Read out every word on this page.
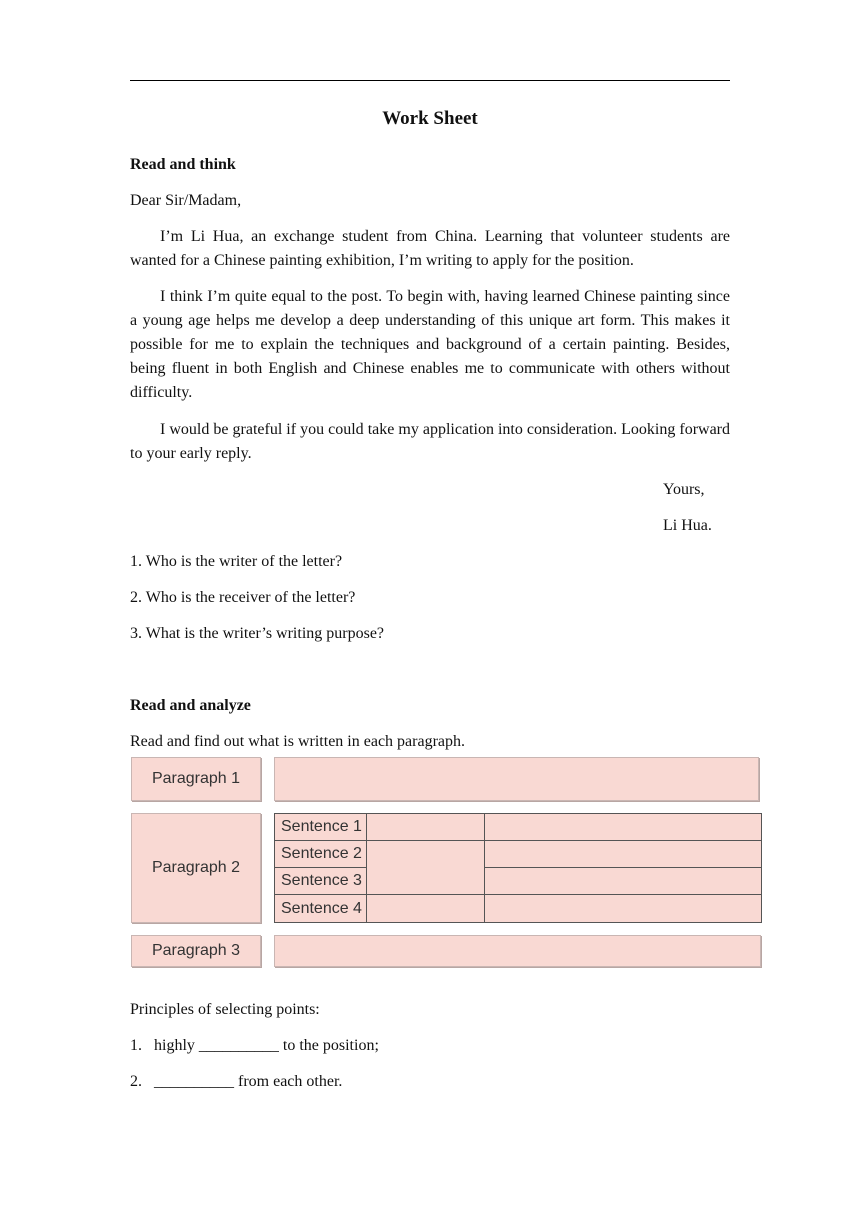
Work Sheet
Read and think
Dear Sir/Madam,
I’m Li Hua, an exchange student from China. Learning that volunteer students are wanted for a Chinese painting exhibition, I’m writing to apply for the position.
I think I’m quite equal to the post. To begin with, having learned Chinese painting since a young age helps me develop a deep understanding of this unique art form. This makes it possible for me to explain the techniques and background of a certain painting. Besides, being fluent in both English and Chinese enables me to communicate with others without difficulty.
I would be grateful if you could take my application into consideration. Looking forward to your early reply.
Yours,
Li Hua.
1. Who is the writer of the letter?
2. Who is the receiver of the letter?
3. What is the writer’s writing purpose?
Read and analyze
Read and find out what is written in each paragraph.
Paragraph 1
Paragraph 2
Sentence 1
Sentence 2
Sentence 3
Sentence 4
Paragraph 3
Principles of selecting points:
1. highly __________ to the position;
2. __________ from each other.
